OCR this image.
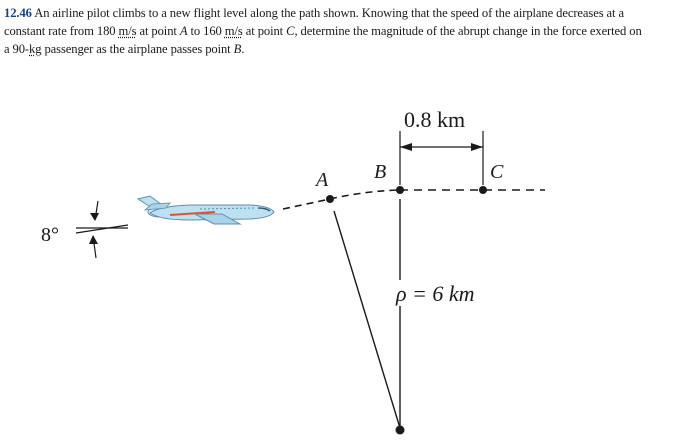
12.46 An airline pilot climbs to a new flight level along the path shown. Knowing that the speed of the airplane decreases at a
constant rate from 180 m/s at point A to 160 m/s at point C, determine the magnitude of the abrupt change in the force exerted on
a 90-kg passenger as the airplane passes point B.
A B	C
0.8 km
ρ = 6 km
8°
